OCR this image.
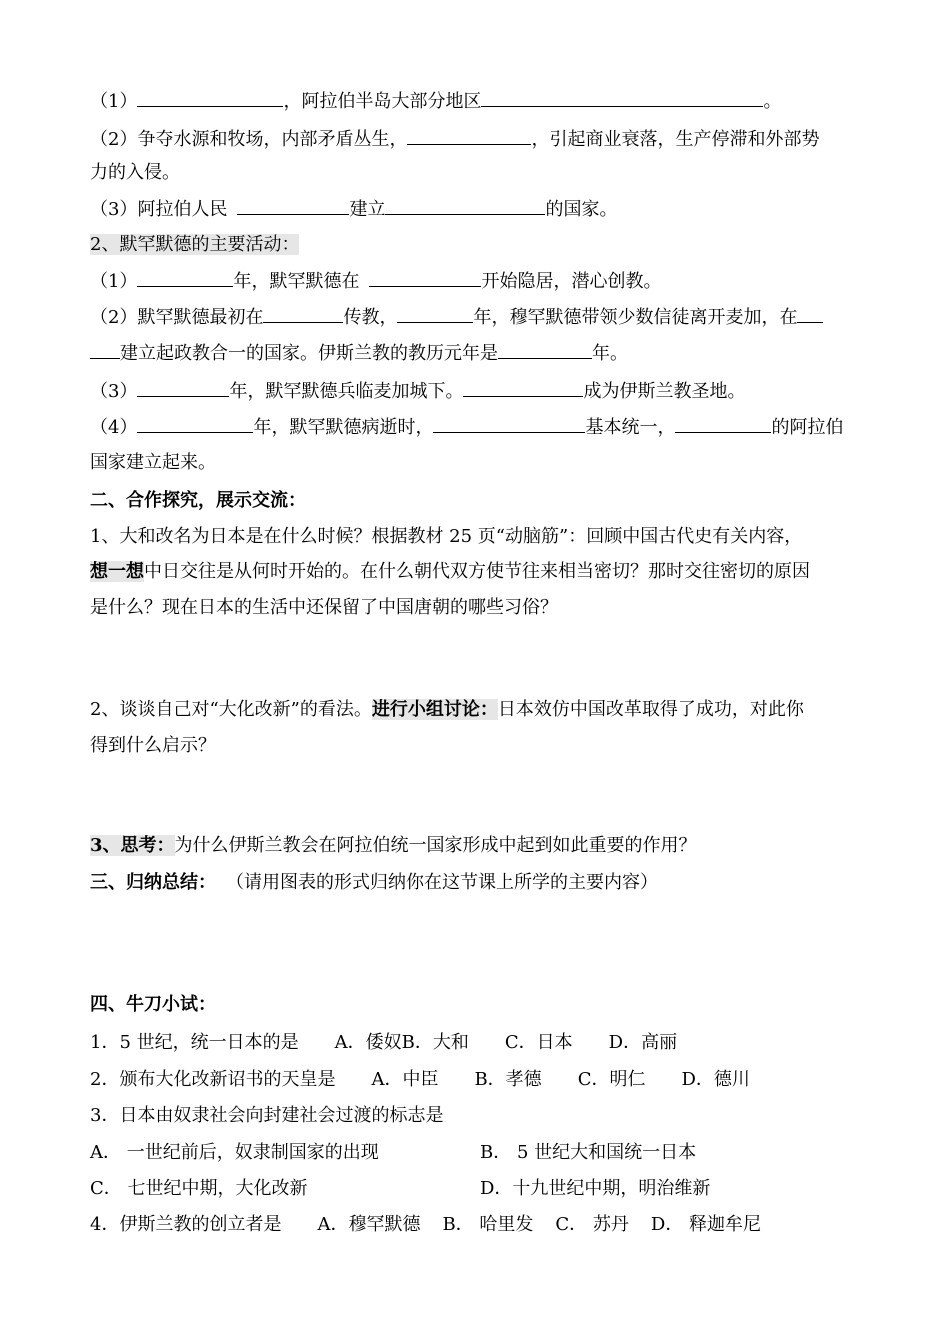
（1）	，阿拉伯半岛大部分地区	。
（2）争夺水源和牧场，内部矛盾丛生，	，引起商业衰落，生产停滞和外部势
力的入侵。
（3）阿拉伯人民	建立	的国家。
2、默罕默德的主要活动：
（1）	年，默罕默德在	开始隐居，潜心创教。
（2）默罕默德最初在	传教，	年，穆罕默德带领少数信徒离开麦加，在
建立起政教合一的国家。伊斯兰教的教历元年是	年。
（3）	年，默罕默德兵临麦加城下。	成为伊斯兰教圣地。
（4）	年，默罕默德病逝时，	基本统一，	的阿拉伯
国家建立起来。
二、合作探究，展示交流：
1、大和改名为日本是在什么时候？根据教材 25 页“动脑筋”：回顾中国古代史有关内容，
想一想中日交往是从何时开始的。在什么朝代双方使节往来相当密切？那时交往密切的原因
是什么？现在日本的生活中还保留了中国唐朝的哪些习俗？
2、谈谈自己对“大化改新”的看法。进行小组讨论：日本效仿中国改革取得了成功，对此你
得到什么启示？
3、思考：为什么伊斯兰教会在阿拉伯统一国家形成中起到如此重要的作用？
三、归纳总结： （请用图表的形式归纳你在这节课上所学的主要内容）
四、牛刀小试：
1．5 世纪，统一日本的是 A．倭奴B．大和 C．日本 D．高丽
2．颁布大化改新诏书的天皇是 A．中臣 B．孝德 C．明仁 D．德川
3．日本由奴隶社会向封建社会过渡的标志是
A． 一世纪前后，奴隶制国家的出现	B． 5 世纪大和国统一日本
C． 七世纪中期，大化改新	D．十九世纪中期，明治维新
4．伊斯兰教的创立者是 A．穆罕默德 B． 哈里发 C． 苏丹 D． 释迦牟尼
